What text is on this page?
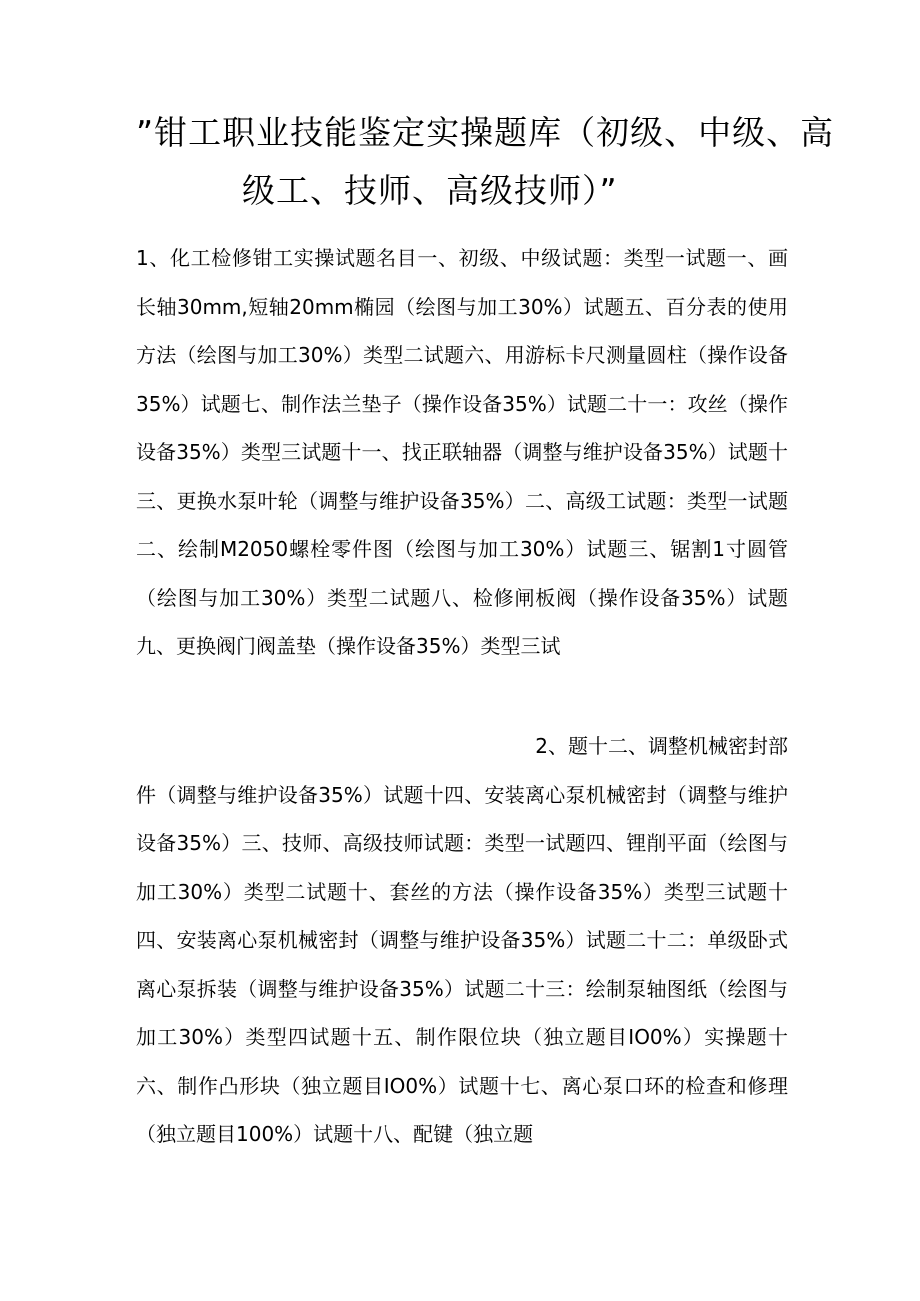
”钳工职业技能鉴定实操题库（初级、中级、高
级工、技师、高级技师）”

1、化工检修钳工实操试题名目一、初级、中级试题：类型一试题一、画长轴30mm,短轴20mm椭园（绘图与加工30%）试题五、百分表的使用方法（绘图与加工30%）类型二试题六、用游标卡尺测量圆柱（操作设备35%）试题七、制作法兰垫子（操作设备35%）试题二十一：攻丝（操作设备35%）类型三试题十一、找正联轴器（调整与维护设备35%）试题十三、更换水泵叶轮（调整与维护设备35%）二、高级工试题：类型一试题二、绘制M2050螺栓零件图（绘图与加工30%）试题三、锯割1寸圆管（绘图与加工30%）类型二试题八、检修闸板阀（操作设备35%）试题九、更换阀门阀盖垫（操作设备35%）类型三试

2、题十二、调整机械密封部
件（调整与维护设备35%）试题十四、安装离心泵机械密封（调整与维护设备35%）三、技师、高级技师试题：类型一试题四、锂削平面（绘图与加工30%）类型二试题十、套丝的方法（操作设备35%）类型三试题十四、安装离心泵机械密封（调整与维护设备35%）试题二十二：单级卧式离心泵拆装（调整与维护设备35%）试题二十三：绘制泵轴图纸（绘图与加工30%）类型四试题十五、制作限位块（独立题目IO0%）实操题十六、制作凸形块（独立题目IO0%）试题十七、离心泵口环的检查和修理（独立题目100%）试题十八、配键（独立题
